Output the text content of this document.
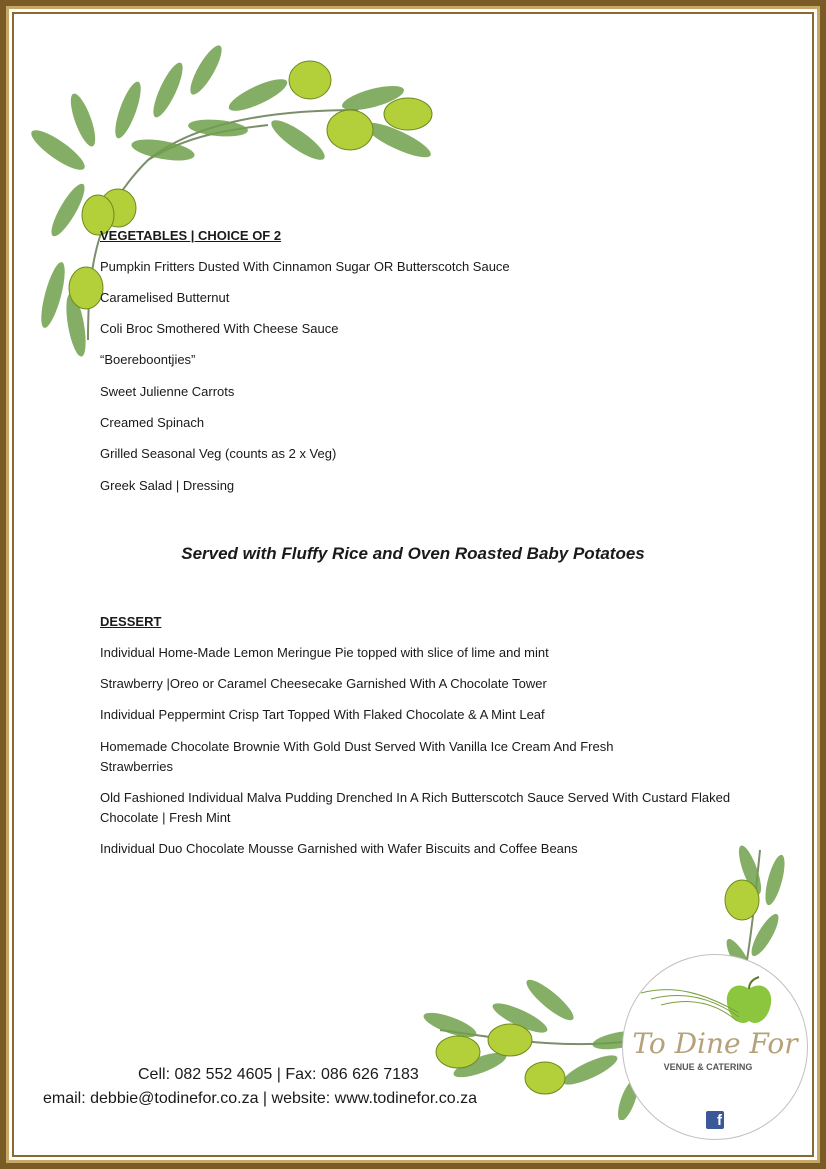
VEGETABLES | CHOICE OF 2

Pumpkin Fritters Dusted With Cinnamon Sugar OR Butterscotch Sauce

Caramelised Butternut

Coli Broc Smothered With Cheese Sauce

“Boereboontjies”

Sweet Julienne Carrots

Creamed Spinach

Grilled Seasonal Veg (counts as 2 x Veg)

Greek Salad | Dressing

Served with Fluffy Rice and Oven Roasted Baby Potatoes

DESSERT

Individual Home-Made Lemon Meringue Pie topped with slice of lime and mint

Strawberry |Oreo or Caramel Cheesecake Garnished With A Chocolate Tower

Individual Peppermint Crisp Tart Topped With Flaked Chocolate & A Mint Leaf

Homemade Chocolate Brownie With Gold Dust Served With Vanilla Ice Cream And Fresh Strawberries

Old Fashioned Individual Malva Pudding Drenched In A Rich Butterscotch Sauce Served With Custard Flaked Chocolate | Fresh Mint

Individual Duo Chocolate Mousse Garnished with Wafer Biscuits and Coffee Beans

To Dine For
VENUE & CATERING
f

Cell: 082 552 4605 | Fax: 086 626 7183

email: debbie@todinefor.co.za | website: www.todinefor.co.za
